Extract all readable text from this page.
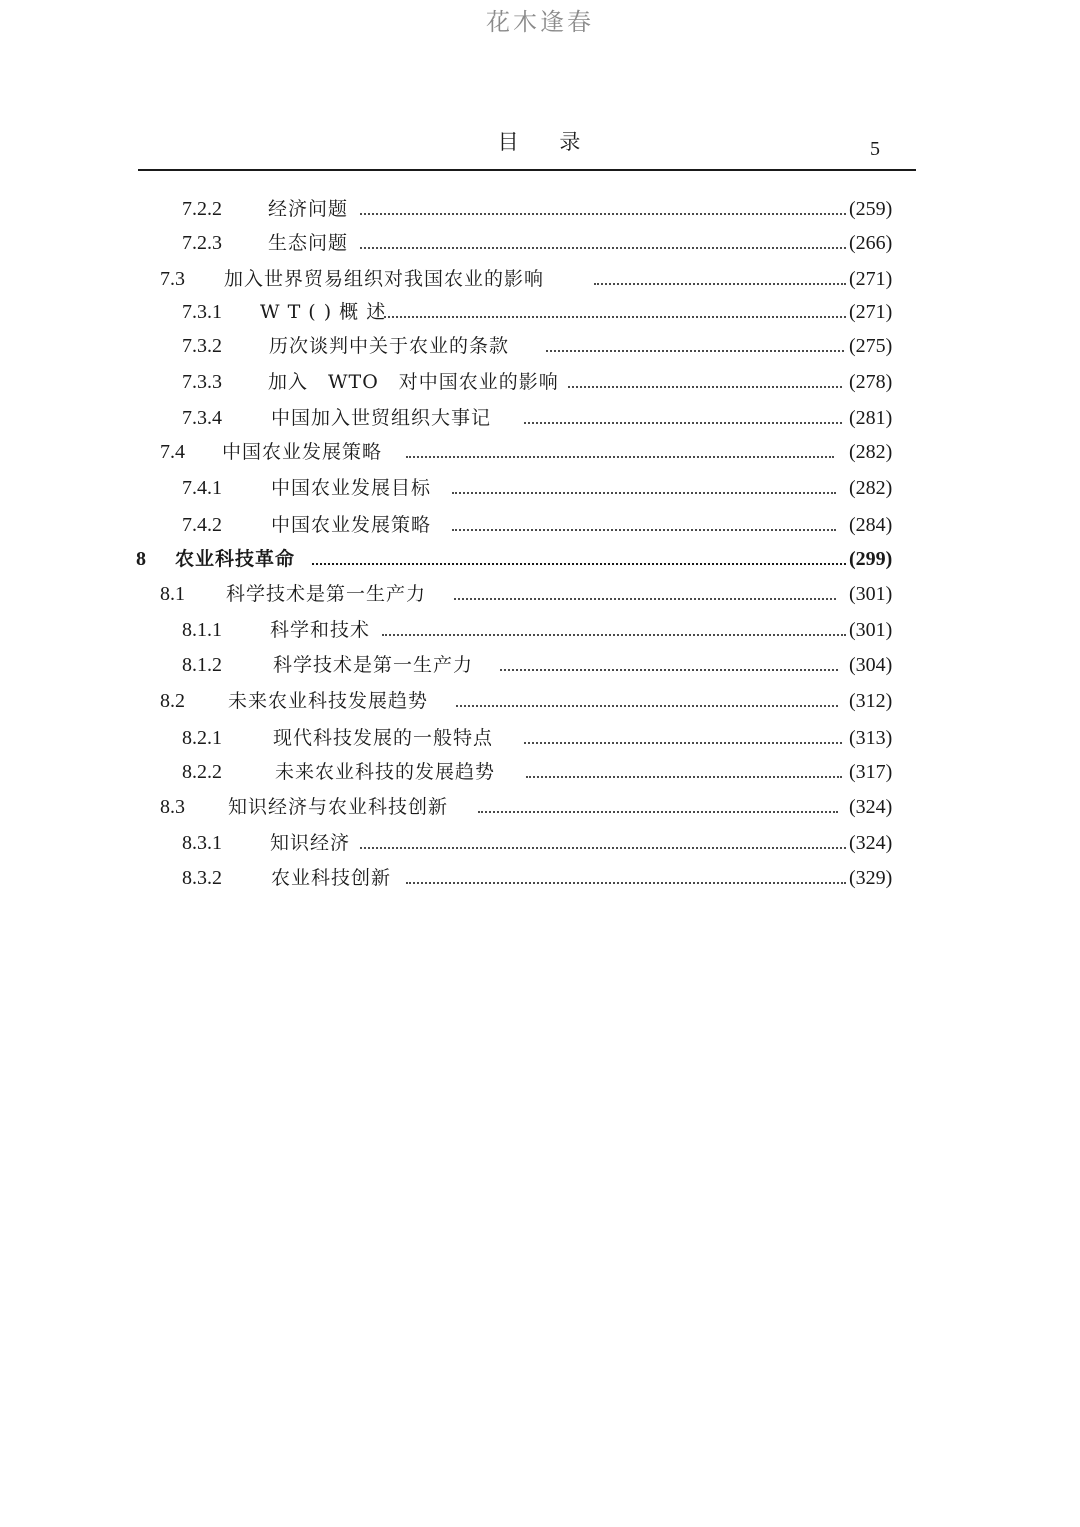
花木逢春
目 录	5
7.2.2 经济问题	(259)
7.2.3 生态问题	(266)
7.3 加入世界贸易组织对我国农业的影响	(271)
7.3.1 W T ( ) 概 述	(271)
7.3.2 历次谈判中关于农业的条款	(275)
7.3.3 加入　WTO　对中国农业的影响	(278)
7.3.4	中国加入世贸组织大事记	(281)
7.4 中国农业发展策略	(282)
7.4.1	中国农业发展目标	(282)
7.4.2	中国农业发展策略	(284)
8 农业科技革命	(299)
8.1 科学技术是第一生产力	(301)
8.1.1	科学和技术	(301)
8.1.2	科学技术是第一生产力	(304)
8.2 未来农业科技发展趋势	(312)
8.2.1	现代科技发展的一般特点	(313)
8.2.2	未来农业科技的发展趋势	(317)
8.3 知识经济与农业科技创新	(324)
8.3.1	知识经济	(324)
8.3.2	农业科技创新	(329)
